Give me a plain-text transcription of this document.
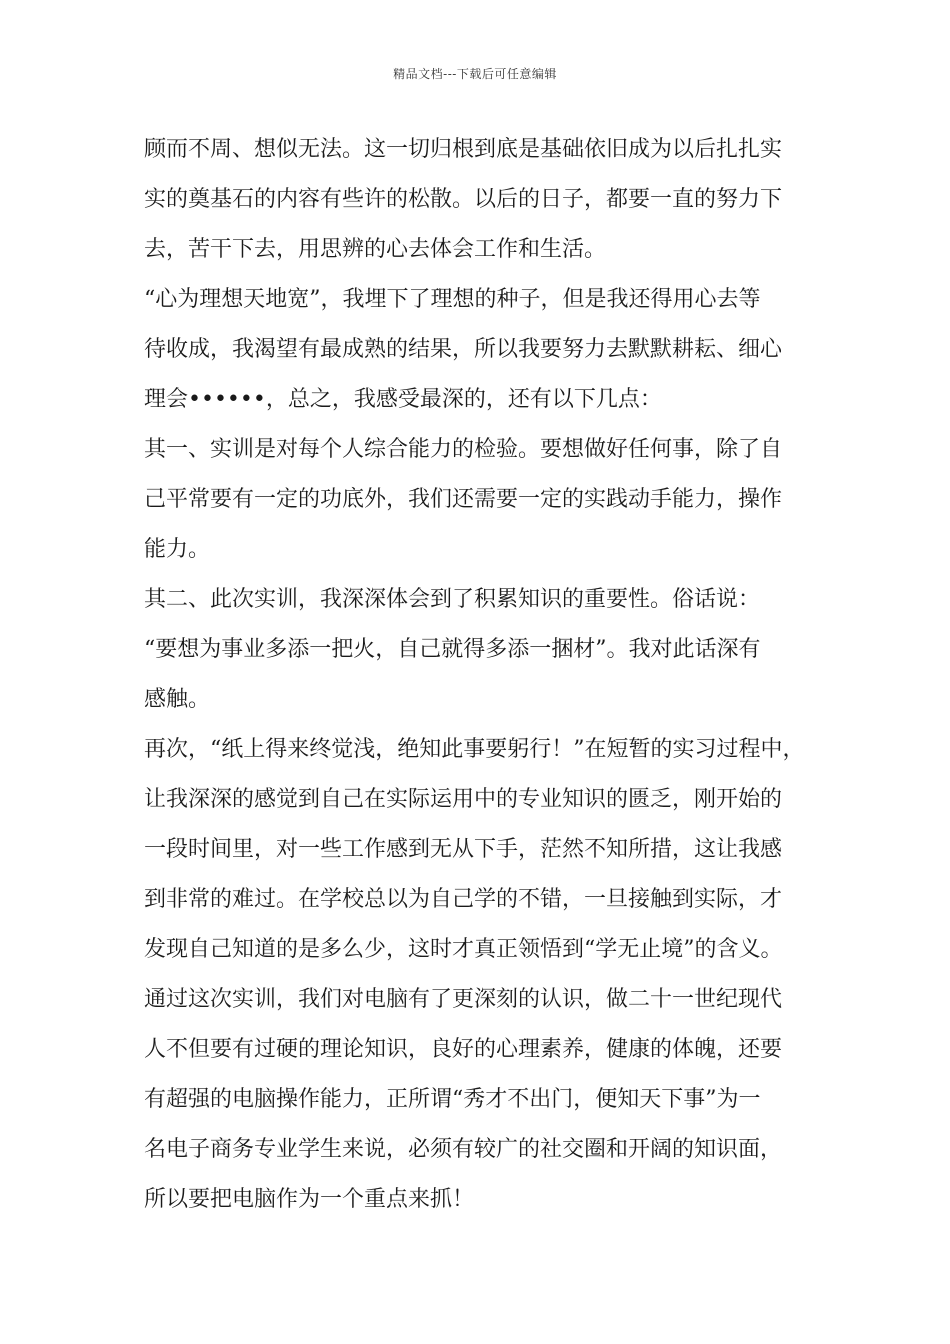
精品文档---下载后可任意编辑
顾而不周、想似无法。这一切归根到底是基础依旧成为以后扎扎实
实的奠基石的内容有些许的松散。以后的日子，都要一直的努力下
去，苦干下去，用思辨的心去体会工作和生活。
“心为理想天地宽”，我埋下了理想的种子，但是我还得用心去等
待收成，我渴望有最成熟的结果，所以我要努力去默默耕耘、细心
理会••••••，总之，我感受最深的，还有以下几点：
其一、实训是对每个人综合能力的检验。要想做好任何事，除了自
己平常要有一定的功底外，我们还需要一定的实践动手能力，操作
能力。
其二、此次实训，我深深体会到了积累知识的重要性。俗话说：
“要想为事业多添一把火，自己就得多添一捆材”。我对此话深有
感触。
再次，“纸上得来终觉浅，绝知此事要躬行！”在短暂的实习过程中，
让我深深的感觉到自己在实际运用中的专业知识的匮乏，刚开始的
一段时间里，对一些工作感到无从下手，茫然不知所措，这让我感
到非常的难过。在学校总以为自己学的不错，一旦接触到实际，才
发现自己知道的是多么少，这时才真正领悟到“学无止境”的含义。
通过这次实训，我们对电脑有了更深刻的认识，做二十一世纪现代
人不但要有过硬的理论知识，良好的心理素养，健康的体魄，还要
有超强的电脑操作能力，正所谓“秀才不出门，便知天下事”为一
名电子商务专业学生来说，必须有较广的社交圈和开阔的知识面，
所以要把电脑作为一个重点来抓！
